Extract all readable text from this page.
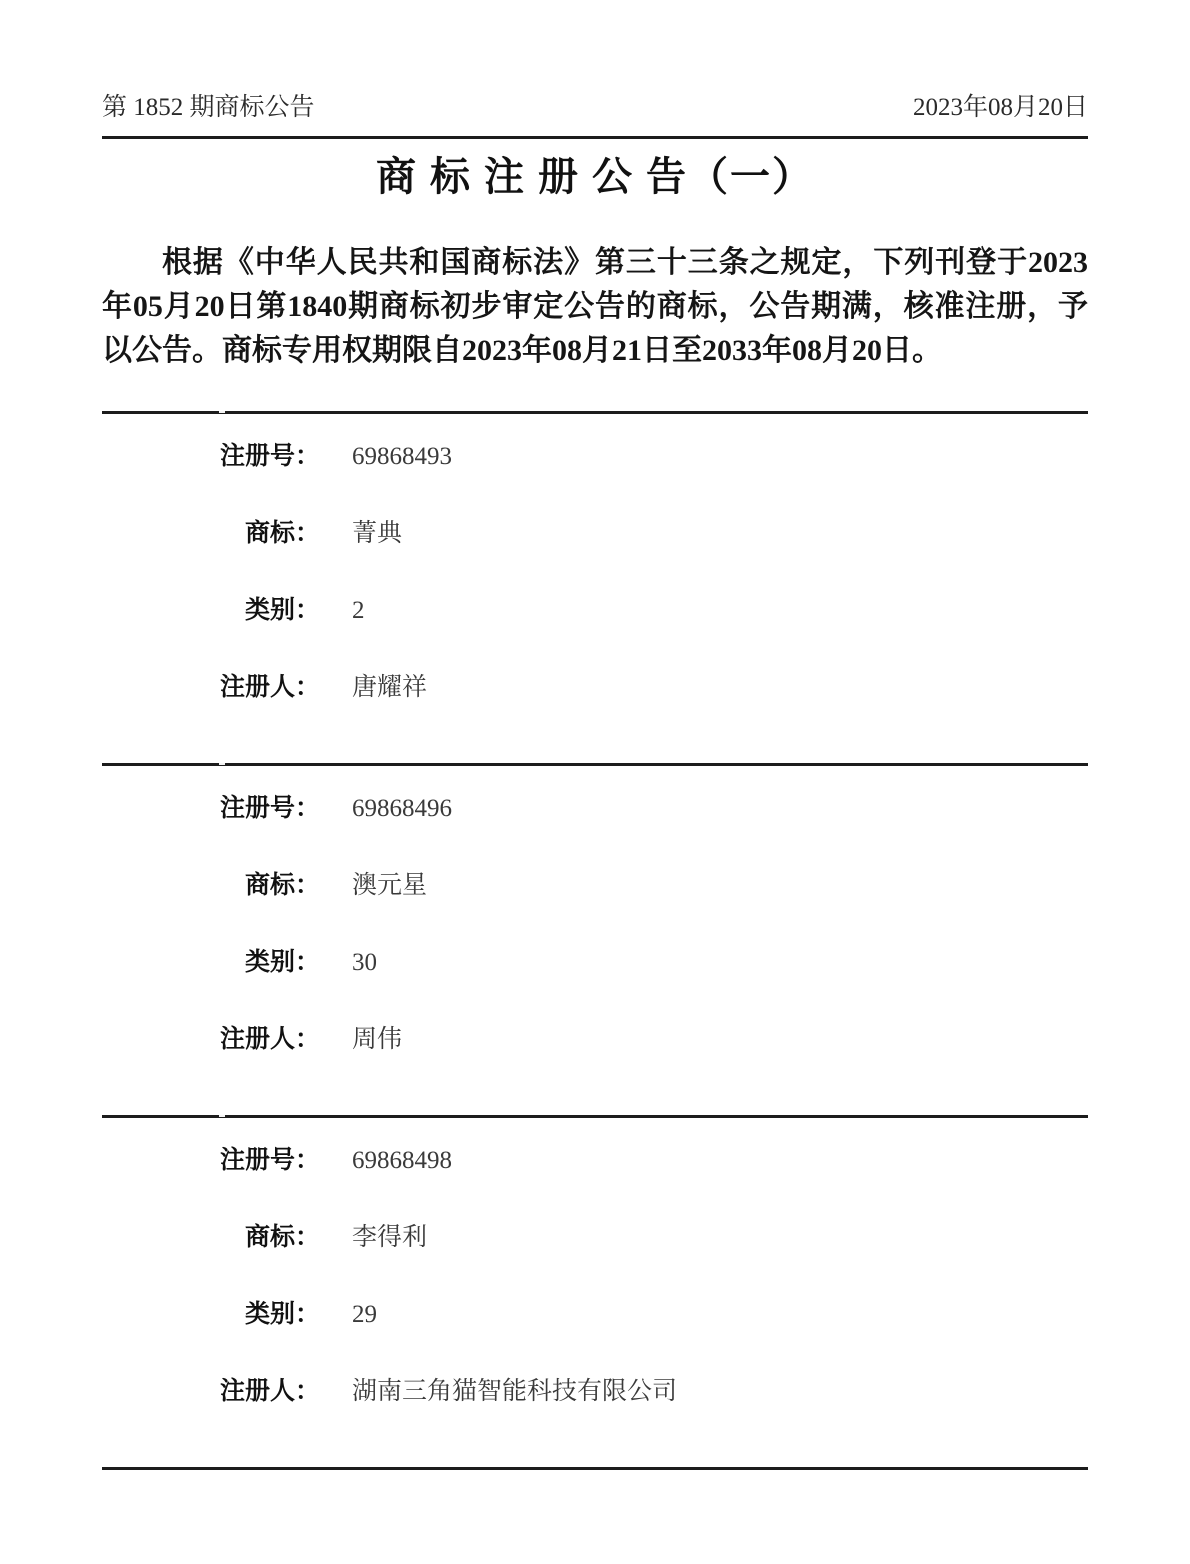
第 1852 期商标公告	2023年08月20日
商 标 注 册 公 告（一）

根据《中华人民共和国商标法》第三十三条之规定，下列刊登于2023年05月20日第1840期商标初步审定公告的商标，公告期满，核准注册，予以公告。商标专用权期限自2023年08月21日至2033年08月20日。

注册号： 69868493
商标： 菁典
类别： 2
注册人： 唐耀祥
注册号： 69868496
商标： 澳元星
类别： 30
注册人： 周伟
注册号： 69868498
商标： 李得利
类别： 29
注册人： 湖南三角猫智能科技有限公司
